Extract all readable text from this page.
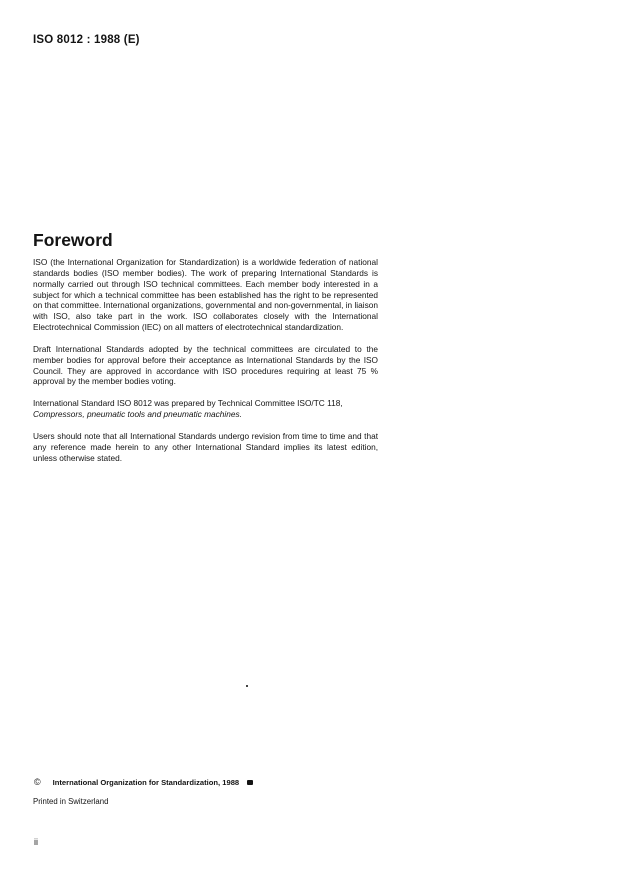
ISO 8012 : 1988 (E)
Foreword

ISO (the International Organization for Standardization) is a worldwide federation of national standards bodies (ISO member bodies). The work of preparing International Standards is normally carried out through ISO technical committees. Each member body interested in a subject for which a technical committee has been established has the right to be represented on that committee. International organizations, governmental and non-governmental, in liaison with ISO, also take part in the work. ISO collaborates closely with the International Electrotechnical Commission (IEC) on all matters of electrotechnical standardization.

Draft International Standards adopted by the technical committees are circulated to the member bodies for approval before their acceptance as International Standards by the ISO Council. They are approved in accordance with ISO procedures requiring at least 75 % approval by the member bodies voting.

International Standard ISO 8012 was prepared by Technical Committee ISO/TC 118,
Compressors, pneumatic tools and pneumatic machines.

Users should note that all International Standards undergo revision from time to time and that any reference made herein to any other International Standard implies its latest edition, unless otherwise stated.

© International Organization for Standardization, 1988
Printed in Switzerland
ii
